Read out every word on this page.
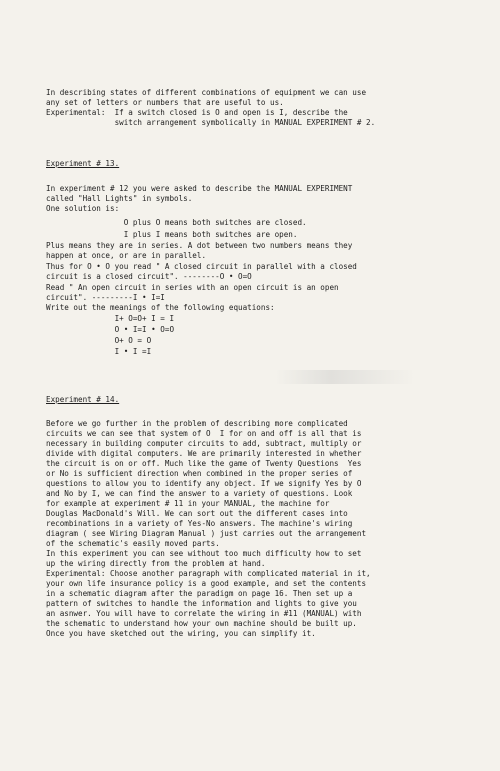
In describing states of different combinations of equipment we can use
any set of letters or numbers that are useful to us.
Experimental:  If a switch closed is O and open is I, describe the
switch arrangement symbolically in MANUAL EXPERIMENT # 2.
Experiment # 13.
In experiment # 12 you were asked to describe the MANUAL EXPERIMENT
called "Hall Lights" in symbols.
One solution is:
O plus O means both switches are closed.
I plus I means both switches are open.
Plus means they are in series. A dot between two numbers means they
happen at once, or are in parallel.
Thus for O • O you read " A closed circuit in parallel with a closed
circuit is a closed circuit". --------O • O=O
Read " An open circuit in series with an open circuit is an open
circuit". ---------I • I=I
Write out the meanings of the following equations:
I+ O=O+ I = I
O • I=I • O=O
O+ O = O
I • I =I
Experiment # 14.
Before we go further in the problem of describing more complicated
circuits we can see that system of O  I for on and off is all that is
necessary in building computer circuits to add, subtract, multiply or
divide with digital computers. We are primarily interested in whether
the circuit is on or off. Much like the game of Twenty Questions  Yes
or No is sufficient direction when combined in the proper series of
questions to allow you to identify any object. If we signify Yes by O
and No by I, we can find the answer to a variety of questions. Look
for example at experiment # 11 in your MANUAL, the machine for
Douglas MacDonald's Will. We can sort out the different cases into
recombinations in a variety of Yes-No answers. The machine's wiring
diagram ( see Wiring Diagram Manual ) just carries out the arrangement
of the schematic's easily moved parts.
In this experiment you can see without too much difficulty how to set
up the wiring directly from the problem at hand.
Experimental: Choose another paragraph with complicated material in it,
your own life insurance policy is a good example, and set the contents
in a schematic diagram after the paradigm on page 16. Then set up a
pattern of switches to handle the information and lights to give you
an asnwer. You will have to correlate the wiring in #11 (MANUAL) with
the schematic to understand how your own machine should be built up.
Once you have sketched out the wiring, you can simplify it.
